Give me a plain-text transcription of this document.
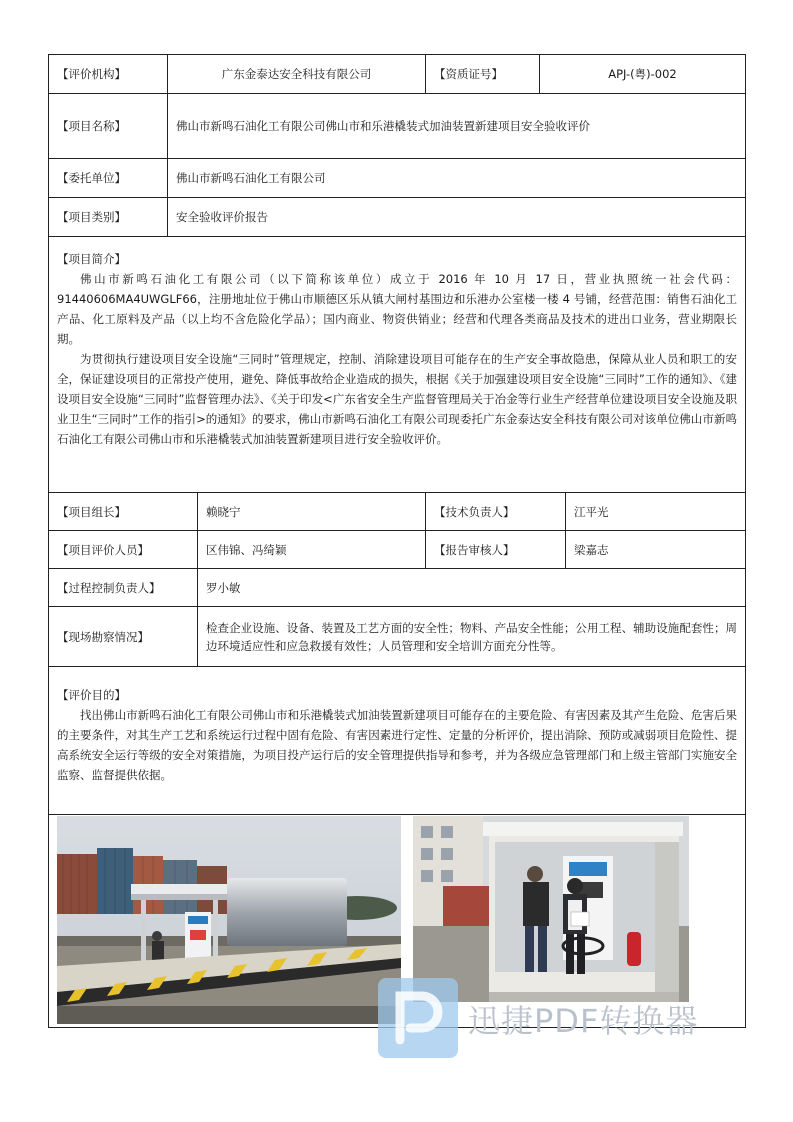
【评价机构】	广东金泰达安全科技有限公司	【资质证号】	APJ-(粤)-002
【项目名称】	佛山市新鸣石油化工有限公司佛山市和乐港橇装式加油装置新建项目安全验收评价
【委托单位】	佛山市新鸣石油化工有限公司
【项目类别】	安全验收评价报告
【项目简介】

佛山市新鸣石油化工有限公司（以下简称该单位）成立于 2016 年 10 月 17 日，营业执照统一社会代码：91440606MA4UWGLF66，注册地址位于佛山市顺德区乐从镇大闸村基围边和乐港办公室楼一楼 4 号铺，经营范围：销售石油化工产品、化工原料及产品（以上均不含危险化学品）；国内商业、物资供销业；经营和代理各类商品及技术的进出口业务，营业期限长期。

为贯彻执行建设项目安全设施“三同时”管理规定，控制、消除建设项目可能存在的生产安全事故隐患，保障从业人员和职工的安全，保证建设项目的正常投产使用，避免、降低事故给企业造成的损失，根据《关于加强建设项目安全设施“三同时”工作的通知》、《建设项目安全设施“三同时”监督管理办法》、《关于印发<广东省安全生产监督管理局关于冶金等行业生产经营单位建设项目安全设施及职业卫生“三同时”工作的指引>的通知》的要求，佛山市新鸣石油化工有限公司现委托广东金泰达安全科技有限公司对该单位佛山市新鸣石油化工有限公司佛山市和乐港橇装式加油装置新建项目进行安全验收评价。

【项目组长】	赖晓宁	【技术负责人】	江平光
【项目评价人员】	区伟锦、冯绮颖	【报告审核人】	梁嘉志
【过程控制负责人】	罗小敏
【现场勘察情况】
检查企业设施、设备、装置及工艺方面的安全性；物料、产品安全性能；公用工程、辅助设施配套性；周边环境适应性和应急救援有效性；人员管理和安全培训方面充分性等。
【评价目的】

找出佛山市新鸣石油化工有限公司佛山市和乐港橇装式加油装置新建项目可能存在的主要危险、有害因素及其产生危险、危害后果的主要条件，对其生产工艺和系统运行过程中固有危险、有害因素进行定性、定量的分析评价，提出消除、预防或减弱项目危险性、提高系统安全运行等级的安全对策措施，为项目投产运行后的安全管理提供指导和参考，并为各级应急管理部门和上级主管部门实施安全监察、监督提供依据。

迅捷PDF转换器
